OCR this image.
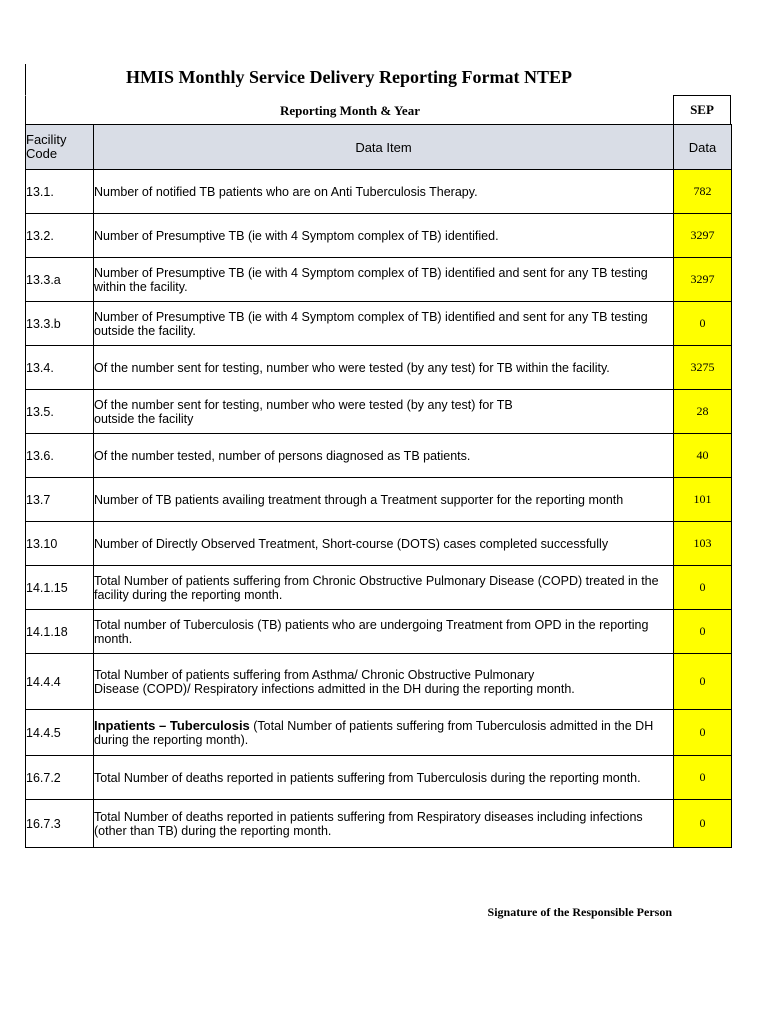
HMIS Monthly Service Delivery Reporting Format NTEP
Reporting Month & Year	SEP
Facility
Code	Data Item	Data
13.1.	Number of notified TB patients who are on Anti Tuberculosis Therapy.	782
13.2.	Number of Presumptive TB (ie with 4 Symptom complex of TB) identified.	3297
13.3.a	Number of Presumptive TB (ie with 4 Symptom complex of TB) identified and sent for any TB testing within the facility.	3297
13.3.b	Number of Presumptive TB (ie with 4 Symptom complex of TB) identified and sent for any TB testing outside the facility.	0
13.4.	Of the number sent for testing, number who were tested (by any test) for TB within the facility.	3275
13.5.	Of the number sent for testing, number who were tested (by any test) for TB
outside the facility	28
13.6.	Of the number tested, number of persons diagnosed as TB patients.	40
13.7	Number of TB patients availing treatment through a Treatment supporter for the reporting month	101
13.10	Number of Directly Observed Treatment, Short-course (DOTS) cases completed successfully	103
14.1.15	Total Number of patients suffering from Chronic Obstructive Pulmonary Disease (COPD) treated in the facility during the reporting month.	0
14.1.18	Total number of Tuberculosis (TB) patients who are undergoing Treatment from OPD in the reporting month.	0
14.4.4	Total Number of patients suffering from Asthma/ Chronic Obstructive Pulmonary
Disease (COPD)/ Respiratory infections admitted in the DH during the reporting month.	0
14.4.5	Inpatients – Tuberculosis (Total Number of patients suffering from Tuberculosis admitted in the DH during the reporting month).	0
16.7.2	Total Number of deaths reported in patients suffering from Tuberculosis during the reporting month.	0
16.7.3	Total Number of deaths reported in patients suffering from Respiratory diseases including infections (other than TB) during the reporting month.	0
Signature of the Responsible Person
